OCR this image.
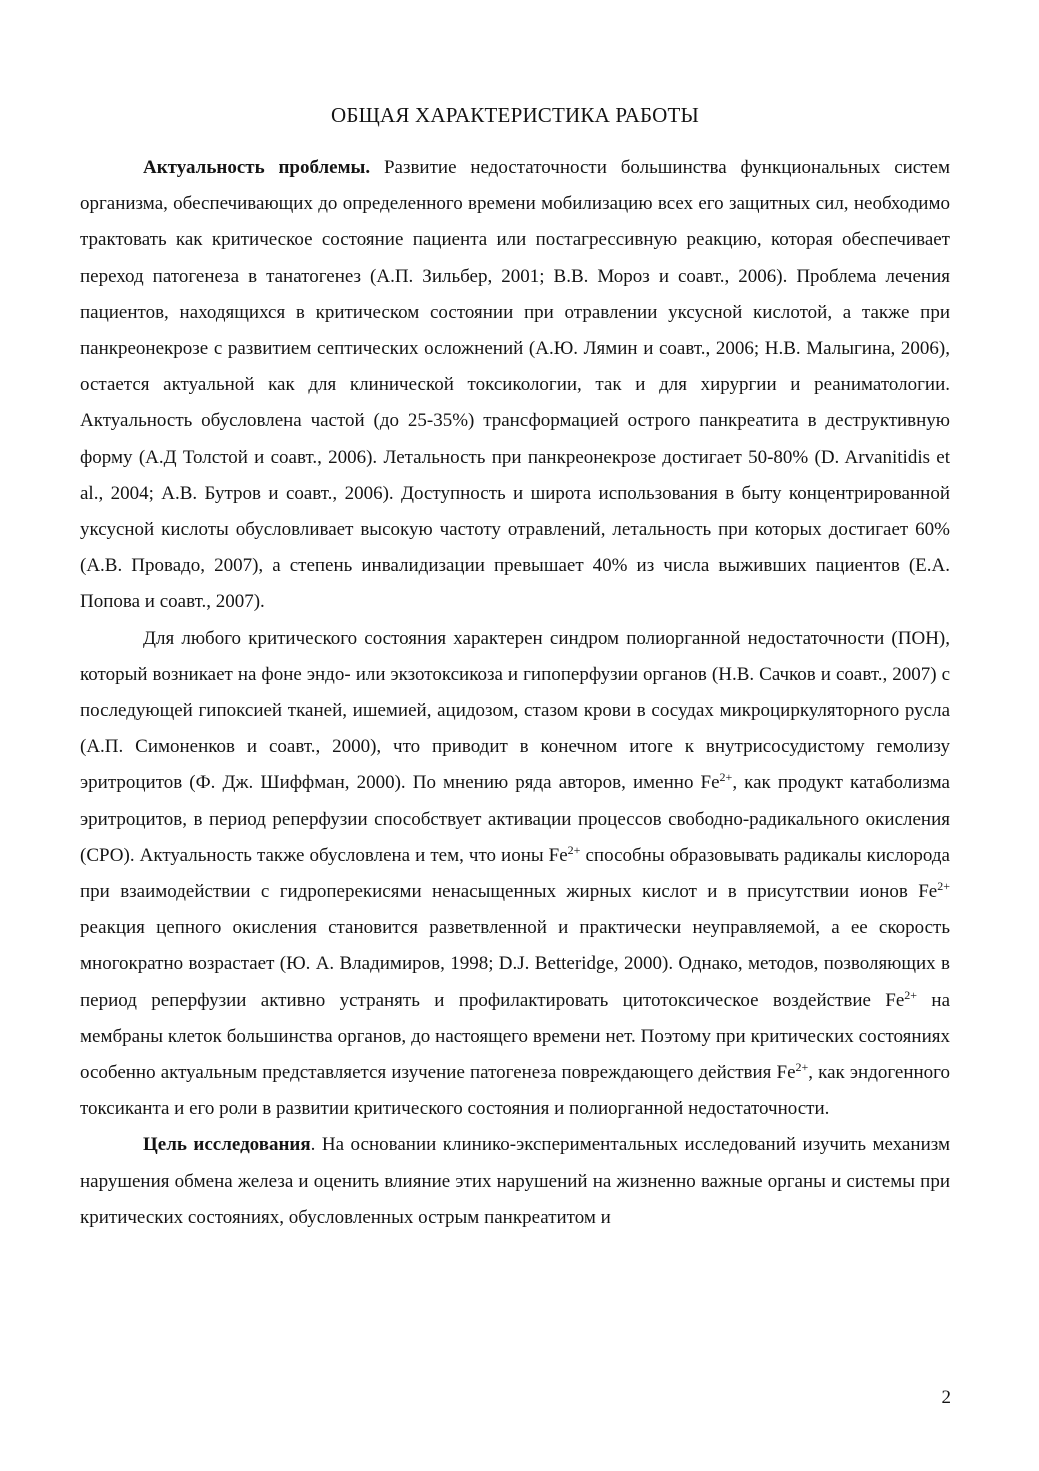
ОБЩАЯ ХАРАКТЕРИСТИКА РАБОТЫ

Актуальность проблемы. Развитие недостаточности большинства функциональных систем организма, обеспечивающих до определенного времени мобилизацию всех его защитных сил, необходимо трактовать как критическое состояние пациента или постагрессивную реакцию, которая обеспечивает переход патогенеза в танатогенез (А.П. Зильбер, 2001; В.В. Мороз и соавт., 2006). Проблема лечения пациентов, находящихся в критическом состоянии при отравлении уксусной кислотой, а также при панкреонекрозе с развитием септических осложнений (А.Ю. Лямин и соавт., 2006; Н.В. Малыгина, 2006), остается актуальной как для клинической токсикологии, так и для хирургии и реаниматологии. Актуальность обусловлена частой (до 25-35%) трансформацией острого панкреатита в деструктивную форму (А.Д Толстой и соавт., 2006). Летальность при панкреонекрозе достигает 50-80% (D. Arvanitidis et al., 2004; А.В. Бутров и соавт., 2006). Доступность и широта использования в быту концентрированной уксусной кислоты обусловливает высокую частоту отравлений, летальность при которых достигает 60% (А.В. Провадо, 2007), а степень инвалидизации превышает 40% из числа выживших пациентов (Е.А. Попова и соавт., 2007).

Для любого критического состояния характерен синдром полиорганной недостаточности (ПОН), который возникает на фоне эндо- или экзотоксикоза и гипоперфузии органов (Н.В. Сачков и соавт., 2007) с последующей гипоксией тканей, ишемией, ацидозом, стазом крови в сосудах микроциркуляторного русла (А.П. Симоненков и соавт., 2000), что приводит в конечном итоге к внутрисосудистому гемолизу эритроцитов (Ф. Дж. Шиффман, 2000). По мнению ряда авторов, именно $Fe^{2+}$, как продукт катаболизма эритроцитов, в период реперфузии способствует активации процессов свободно-радикального окисления (СРО). Актуальность также обусловлена и тем, что ионы $Fe^{2+}$ способны образовывать радикалы кислорода при взаимодействии с гидроперекисями ненасыщенных жирных кислот и в присутствии ионов $Fe^{2+}$ реакция цепного окисления становится разветвленной и практически неуправляемой, а ее скорость многократно возрастает (Ю. А. Владимиров, 1998; D.J. Betteridge, 2000). Однако, методов, позволяющих в период реперфузии активно устранять и профилактировать цитотоксическое воздействие $Fe^{2+}$ на мембраны клеток большинства органов, до настоящего времени нет. Поэтому при критических состояниях особенно актуальным представляется изучение патогенеза повреждающего действия $Fe^{2+}$, как эндогенного токсиканта и его роли в развитии критического состояния и полиорганной недостаточности.

Цель исследования. На основании клинико-экспериментальных исследований изучить механизм нарушения обмена железа и оценить влияние этих нарушений на жизненно важные органы и системы при критических состояниях, обусловленных острым панкреатитом и

2
